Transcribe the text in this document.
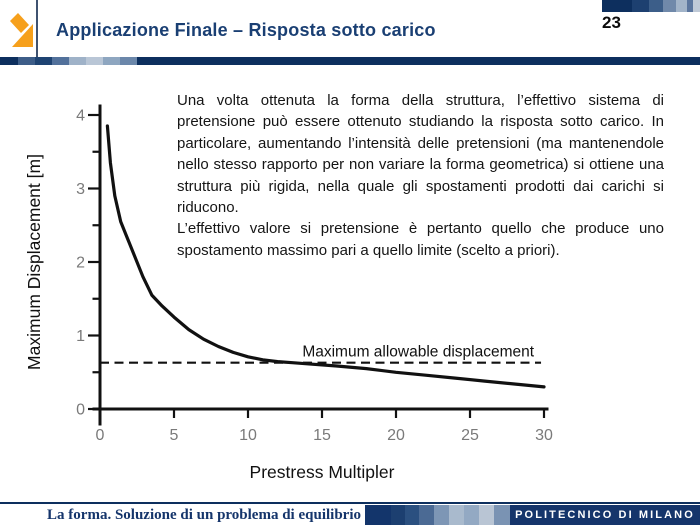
Applicazione Finale – Risposta sotto carico	23

Una volta ottenuta la forma della struttura, l’effettivo sistema di pretensione può essere ottenuto studiando la risposta sotto carico. In particolare, aumentando l’intensità delle pretensioni (ma mantenendole nello stesso rapporto per non variare la forma geometrica) si ottiene una struttura più rigida, nella quale gli spostamenti prodotti dai carichi si riducono.

L’effettivo valore si pretensione è pertanto quello che produce uno spostamento massimo pari a quello limite (scelto a priori).

Maximum allowable displacement
0
1
2
3
4
0	5	10	15	20	25	30
Prestress Multipler
Maximum Displacement [m]
La forma. Soluzione di un problema di equilibrio	POLITECNICO DI MILANO
